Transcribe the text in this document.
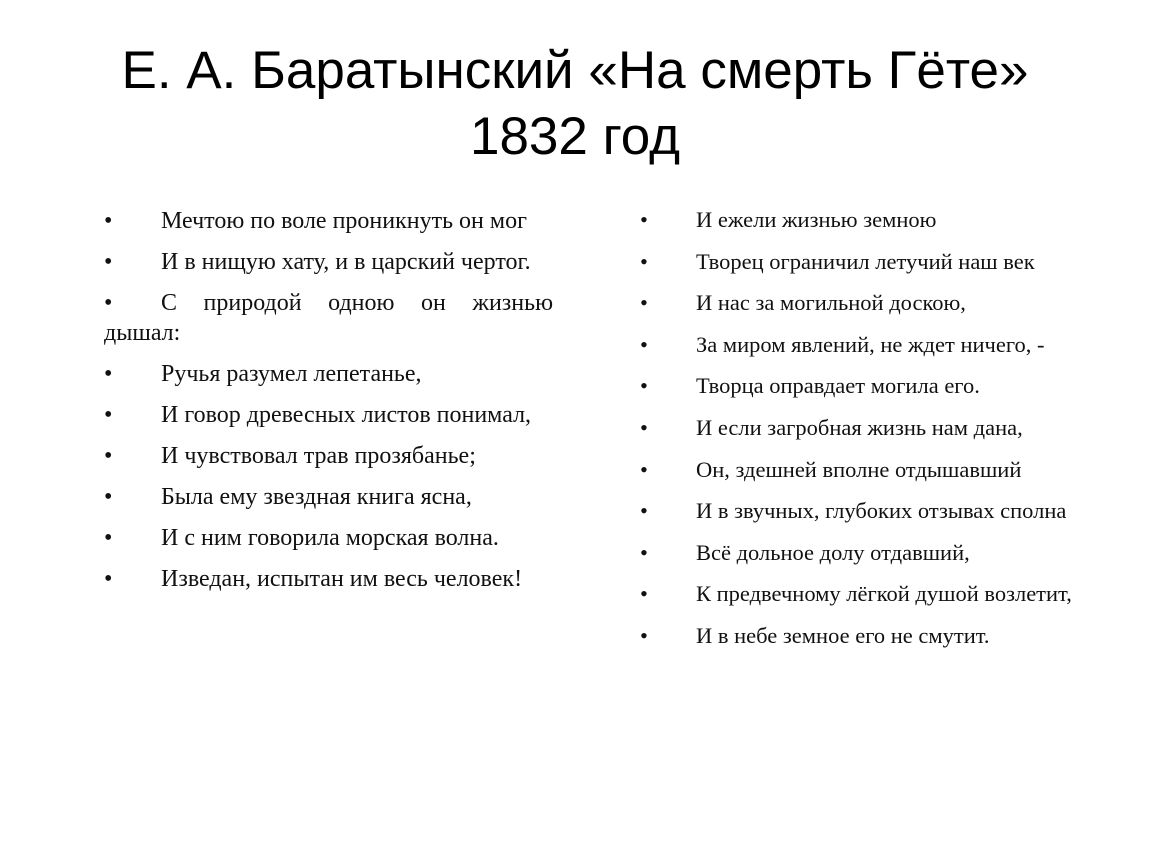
Е. А. Баратынский «На смерть Гёте»
1832 год
• Мечтою по воле проникнуть он мог
• И в нищую хату, и в царский чертог.
• С природой одною он жизнью дышал:
• Ручья разумел лепетанье,
• И говор древесных листов понимал,
• И чувствовал трав прозябанье;
• Была ему звездная книга ясна,
• И с ним говорила морская волна.
• Изведан, испытан им весь человек!
• И ежели жизнью земною
• Творец ограничил летучий наш век
• И нас за могильной доскою,
• За миром явлений, не ждет ничего, -
• Творца оправдает могила его.
• И если загробная жизнь нам дана,
• Он, здешней вполне отдышавший
• И в звучных, глубоких отзывах сполна
• Всё дольное долу отдавший,
• К предвечному лёгкой душой возлетит,
• И в небе земное его не смутит.
